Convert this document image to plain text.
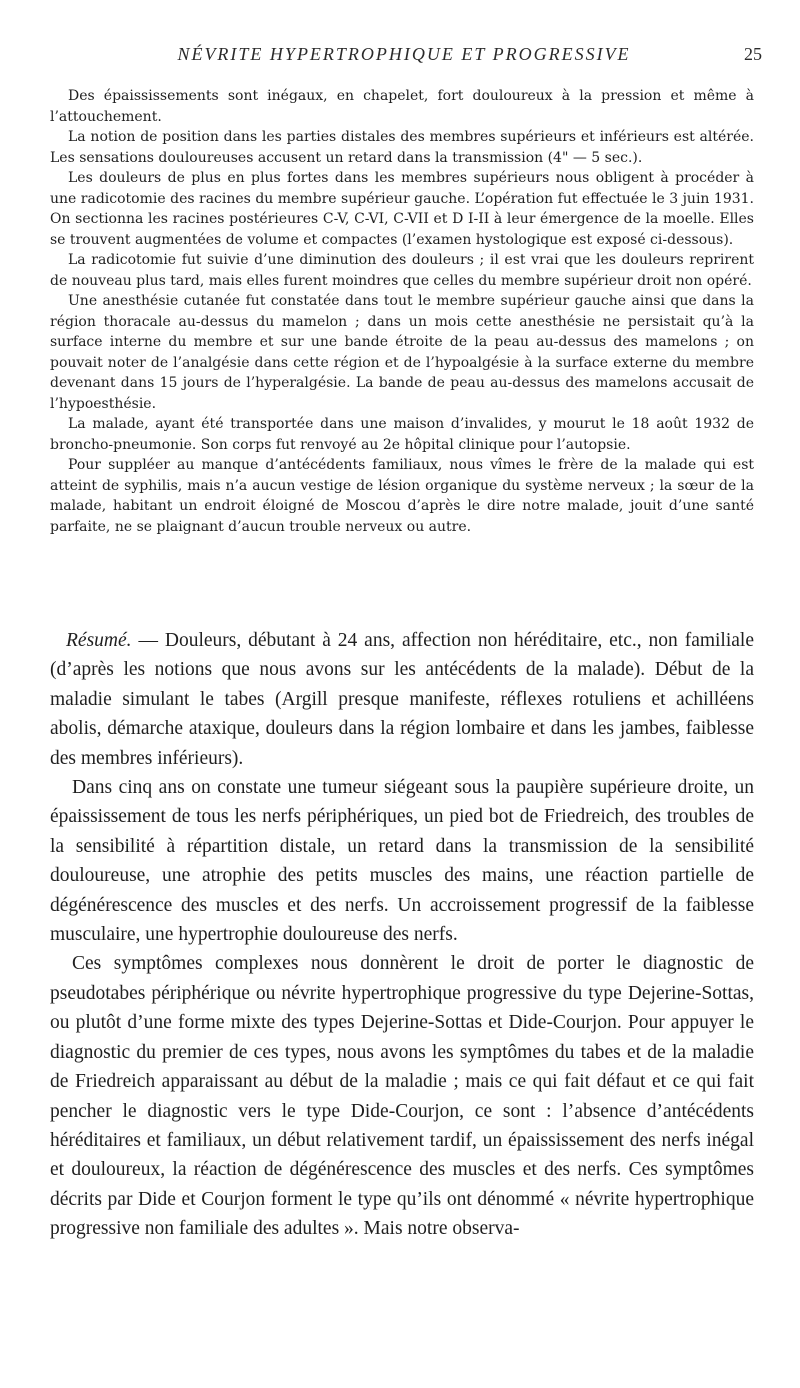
NÉVRITE HYPERTROPHIQUE ET PROGRESSIVE	25

Des épaississements sont inégaux, en chapelet, fort douloureux à la pression et même à l’attouchement.

La notion de position dans les parties distales des membres supérieurs et inférieurs est altérée. Les sensations douloureuses accusent un retard dans la transmission (4" — 5 sec.).

Les douleurs de plus en plus fortes dans les membres supérieurs nous obligent à procéder à une radicotomie des racines du membre supérieur gauche. L’opération fut effectuée le 3 juin 1931. On sectionna les racines postérieures C-V, C-VI, C-VII et D I-II à leur émergence de la moelle. Elles se trouvent augmentées de volume et compactes (l’examen hystologique est exposé ci-dessous).

La radicotomie fut suivie d’une diminution des douleurs ; il est vrai que les douleurs reprirent de nouveau plus tard, mais elles furent moindres que celles du membre supérieur droit non opéré.

Une anesthésie cutanée fut constatée dans tout le membre supérieur gauche ainsi que dans la région thoracale au-dessus du mamelon ; dans un mois cette anesthésie ne persistait qu’à la surface interne du membre et sur une bande étroite de la peau au-dessus des mamelons ; on pouvait noter de l’analgésie dans cette région et de l’hypoalgésie à la surface externe du membre devenant dans 15 jours de l’hyperalgésie. La bande de peau au-dessus des mamelons accusait de l’hypoesthésie.

La malade, ayant été transportée dans une maison d’invalides, y mourut le 18 août 1932 de broncho-pneumonie. Son corps fut renvoyé au 2e hôpital clinique pour l’autopsie.

Pour suppléer au manque d’antécédents familiaux, nous vîmes le frère de la malade qui est atteint de syphilis, mais n’a aucun vestige de lésion organique du système nerveux ; la sœur de la malade, habitant un endroit éloigné de Moscou d’après le dire notre malade, jouit d’une santé parfaite, ne se plaignant d’aucun trouble nerveux ou autre.

Résumé. — Douleurs, débutant à 24 ans, affection non héréditaire, etc., non familiale (d’après les notions que nous avons sur les antécédents de la malade). Début de la maladie simulant le tabes (Argill presque manifeste, réflexes rotuliens et achilléens abolis, démarche ataxique, douleurs dans la région lombaire et dans les jambes, faiblesse des membres inférieurs).

Dans cinq ans on constate une tumeur siégeant sous la paupière supérieure droite, un épaississement de tous les nerfs périphériques, un pied bot de Friedreich, des troubles de la sensibilité à répartition distale, un retard dans la transmission de la sensibilité douloureuse, une atrophie des petits muscles des mains, une réaction partielle de dégénérescence des muscles et des nerfs. Un accroissement progressif de la faiblesse musculaire, une hypertrophie douloureuse des nerfs.

Ces symptômes complexes nous donnèrent le droit de porter le diagnostic de pseudotabes périphérique ou névrite hypertrophique progressive du type Dejerine-Sottas, ou plutôt d’une forme mixte des types Dejerine-Sottas et Dide-Courjon. Pour appuyer le diagnostic du premier de ces types, nous avons les symptômes du tabes et de la maladie de Friedreich apparaissant au début de la maladie ; mais ce qui fait défaut et ce qui fait pencher le diagnostic vers le type Dide-Courjon, ce sont : l’absence d’antécédents héréditaires et familiaux, un début relativement tardif, un épaississement des nerfs inégal et douloureux, la réaction de dégénérescence des muscles et des nerfs. Ces symptômes décrits par Dide et Courjon forment le type qu’ils ont dénommé « névrite hypertrophique progressive non familiale des adultes ». Mais notre observa-
